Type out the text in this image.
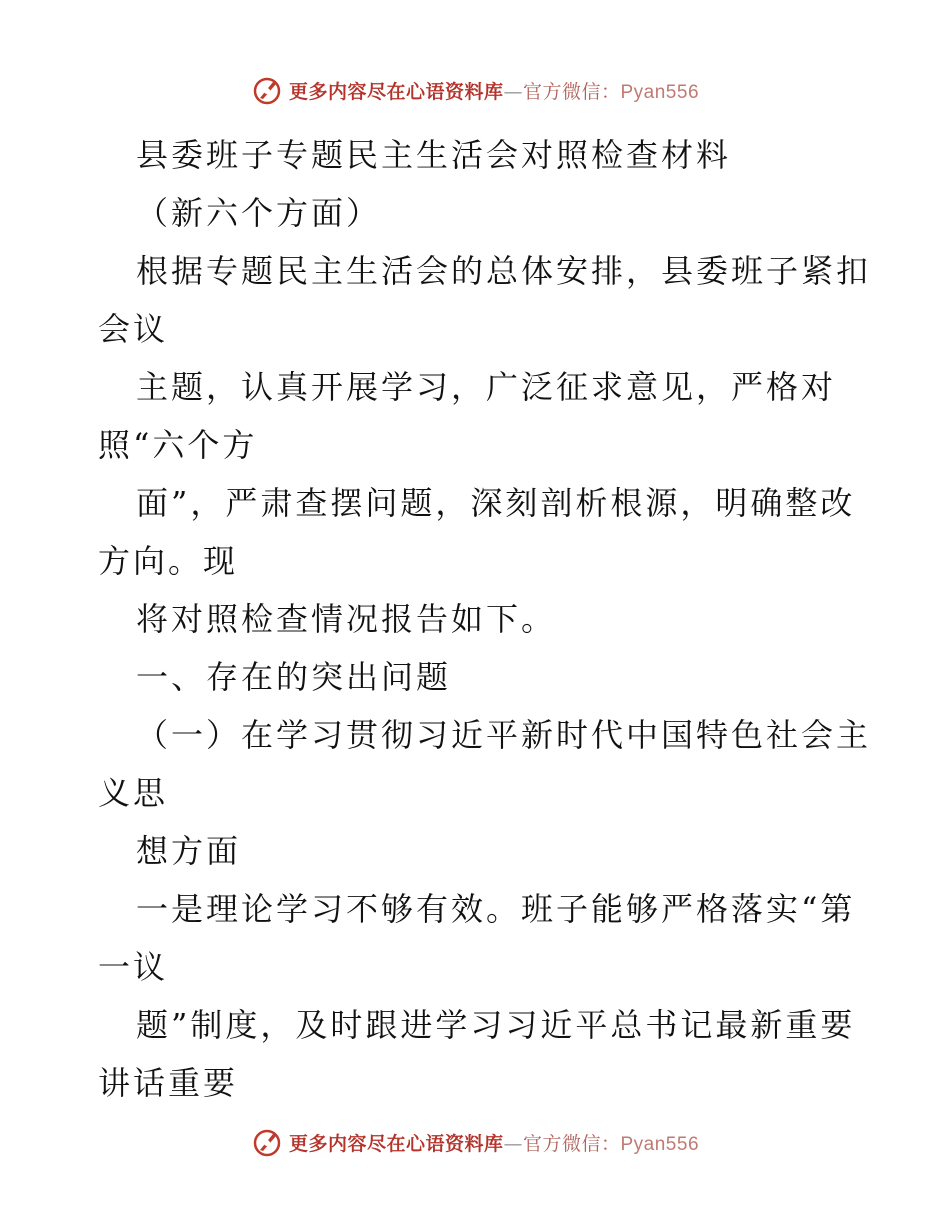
更多内容尽在心语资料库—官方微信：Pyan556
县委班子专题民主生活会对照检查材料
（新六个方面）
根据专题民主生活会的总体安排，县委班子紧扣
会议
主题，认真开展学习，广泛征求意见，严格对
照“六个方
面”，严肃查摆问题，深刻剖析根源，明确整改
方向。现
将对照检查情况报告如下。
一、存在的突出问题
（一）在学习贯彻习近平新时代中国特色社会主
义思
想方面
一是理论学习不够有效。班子能够严格落实“第
一议
题”制度，及时跟进学习习近平总书记最新重要
讲话重要
更多内容尽在心语资料库—官方微信：Pyan556
